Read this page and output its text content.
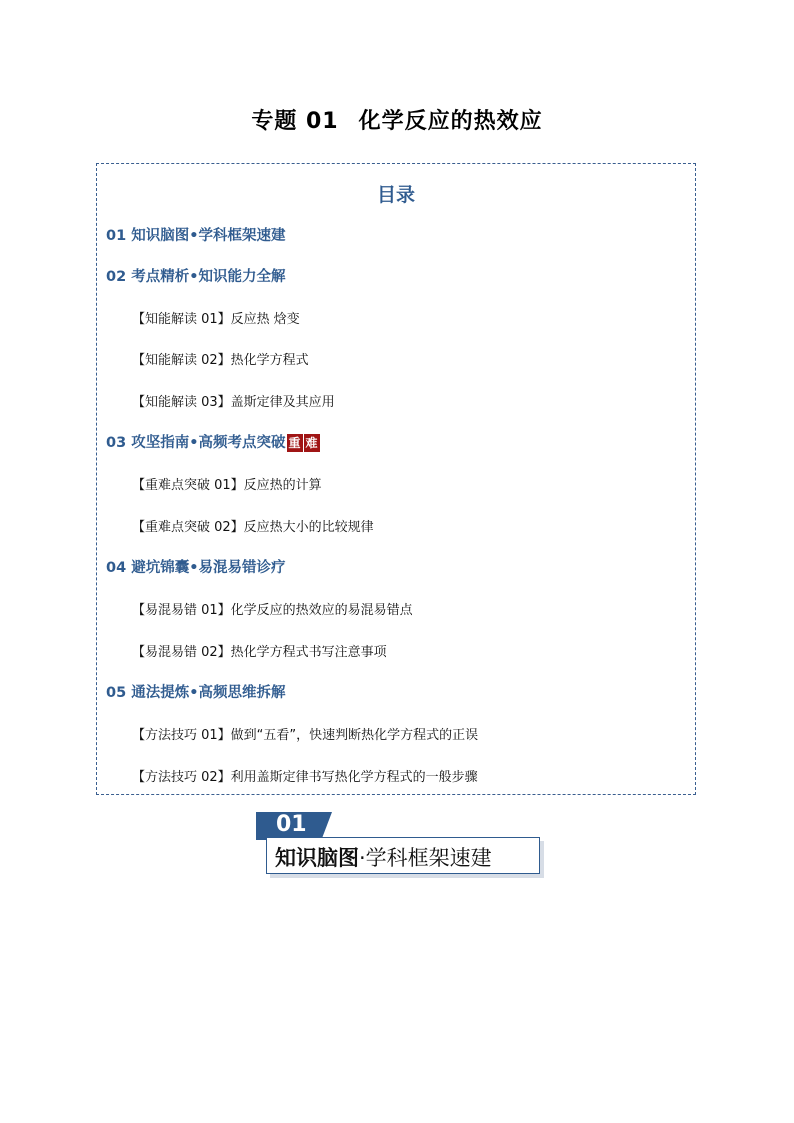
专题 01 化学反应的热效应
目录
01 知识脑图•学科框架速建
02 考点精析•知识能力全解
【知能解读 01】反应热 焓变
【知能解读 02】热化学方程式
【知能解读 03】盖斯定律及其应用
03 攻坚指南•高频考点突破 重 难
【重难点突破 01】反应热的计算
【重难点突破 02】反应热大小的比较规律
04 避坑锦囊•易混易错诊疗
【易混易错 01】化学反应的热效应的易混易错点
【易混易错 02】热化学方程式书写注意事项
05 通法提炼•高频思维拆解
【方法技巧 01】做到“五看”，快速判断热化学方程式的正误
【方法技巧 02】利用盖斯定律书写热化学方程式的一般步骤
01
知识脑图·学科框架速建
